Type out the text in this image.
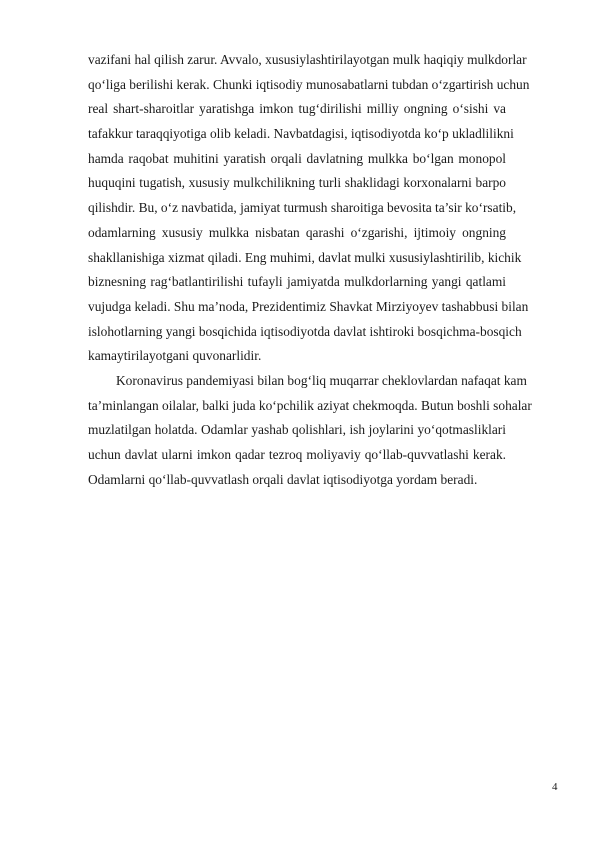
vazifani hal qilish zarur. Avvalo, xususiylashtirilayotgan mulk haqiqiy mulkdorlar
qo‘liga berilishi kerak. Chunki iqtisodiy munosabatlarni tubdan o‘zgartirish uchun
real shart-sharoitlar yaratishga imkon tug‘dirilishi milliy ongning o‘sishi va
tafakkur taraqqiyotiga olib keladi. Navbatdagisi, iqtisodiyotda ko‘p ukladlilikni
hamda raqobat muhitini yaratish orqali davlatning mulkka bo‘lgan monopol
huquqini tugatish, xususiy mulkchilikning turli shaklidagi korxonalarni barpo
qilishdir. Bu, o‘z navbatida, jamiyat turmush sharoitiga bevosita ta’sir ko‘rsatib,
odamlarning xususiy mulkka nisbatan qarashi o‘zgarishi, ijtimoiy ongning
shakllanishiga xizmat qiladi. Eng muhimi, davlat mulki xususiylashtirilib, kichik
biznesning rag‘batlantirilishi tufayli jamiyatda mulkdorlarning yangi qatlami
vujudga keladi. Shu ma’noda, Prezidentimiz Shavkat Mirziyoyev tashabbusi bilan
islohotlarning yangi bosqichida iqtisodiyotda davlat ishtiroki bosqichma-bosqich
kamaytirilayotgani quvonarlidir.
Koronavirus pandemiyasi bilan bog‘liq muqarrar cheklovlardan nafaqat kam
ta’minlangan oilalar, balki juda ko‘pchilik aziyat chekmoqda. Butun boshli sohalar
muzlatilgan holatda. Odamlar yashab qolishlari, ish joylarini yo‘qotmasliklari
uchun davlat ularni imkon qadar tezroq moliyaviy qo‘llab-quvvatlashi kerak.
Odamlarni qo‘llab-quvvatlash orqali davlat iqtisodiyotga yordam beradi.
4
